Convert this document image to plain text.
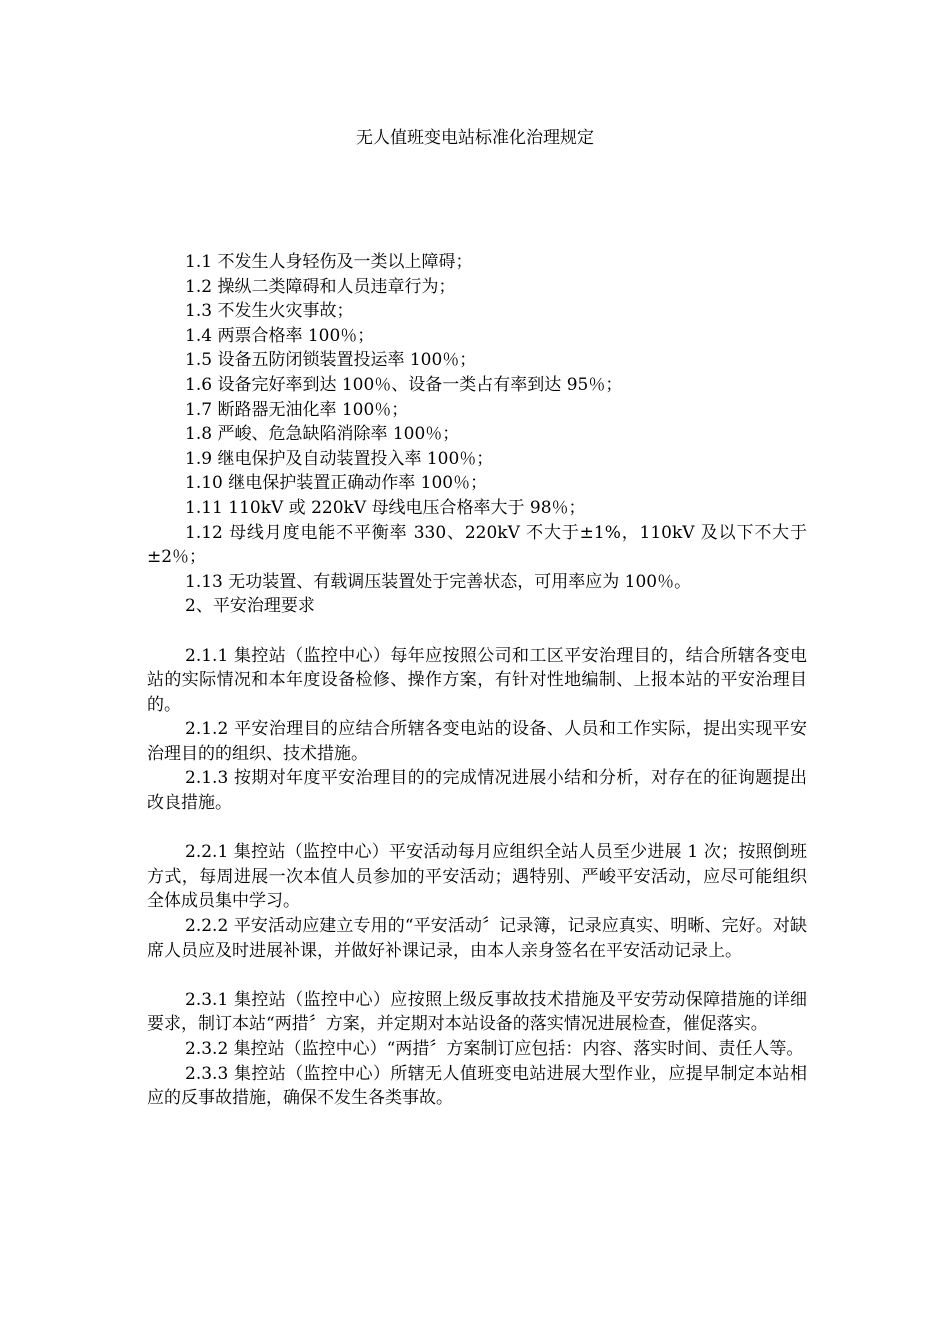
无人值班变电站标准化治理规定

1.1 不发生人身轻伤及一类以上障碍；

1.2 操纵二类障碍和人员违章行为；

1.3 不发生火灾事故；

1.4 两票合格率 100％；

1.5 设备五防闭锁装置投运率 100％；

1.6 设备完好率到达 100％、设备一类占有率到达 95％；

1.7 断路器无油化率 100％；

1.8 严峻、危急缺陷消除率 100％；

1.9 继电保护及自动装置投入率 100％；

1.10 继电保护装置正确动作率 100％；

1.11 110kV 或 220kV 母线电压合格率大于 98％；

1.12 母线月度电能不平衡率 330、220kV 不大于±1%，110kV 及以下不大于±2％；

1.13 无功装置、有载调压装置处于完善状态，可用率应为 100％。

2、平安治理要求

2.1.1 集控站（监控中心）每年应按照公司和工区平安治理目的，结合所辖各变电站的实际情况和本年度设备检修、操作方案，有针对性地编制、上报本站的平安治理目的。

2.1.2 平安治理目的应结合所辖各变电站的设备、人员和工作实际，提出实现平安治理目的的组织、技术措施。

2.1.3 按期对年度平安治理目的的完成情况进展小结和分析，对存在的征询题提出改良措施。

2.2.1 集控站（监控中心）平安活动每月应组织全站人员至少进展 1 次；按照倒班方式，每周进展一次本值人员参加的平安活动；遇特别、严峻平安活动，应尽可能组织全体成员集中学习。

2.2.2 平安活动应建立专用的“平安活动〞记录簿，记录应真实、明晰、完好。对缺席人员应及时进展补课，并做好补课记录，由本人亲身签名在平安活动记录上。

2.3.1 集控站（监控中心）应按照上级反事故技术措施及平安劳动保障措施的详细要求，制订本站“两措〞方案，并定期对本站设备的落实情况进展检查，催促落实。

2.3.2 集控站（监控中心）“两措〞方案制订应包括：内容、落实时间、责任人等。

2.3.3 集控站（监控中心）所辖无人值班变电站进展大型作业，应提早制定本站相应的反事故措施，确保不发生各类事故。
